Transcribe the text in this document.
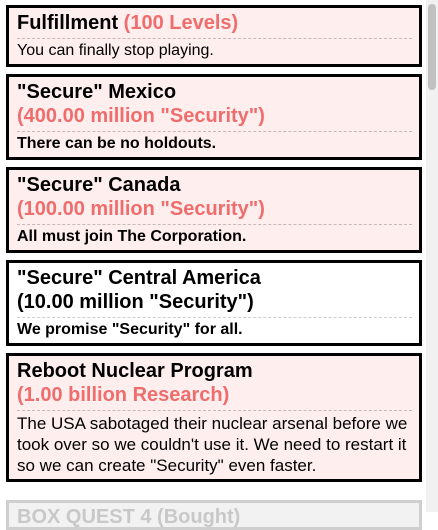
Fulfillment (100 Levels)
You can finally stop playing.
"Secure" Mexico
(400.00 million "Security")
There can be no holdouts.
"Secure" Canada
(100.00 million "Security")
All must join The Corporation.
"Secure" Central America
(10.00 million "Security")
We promise "Security" for all.
Reboot Nuclear Program
(1.00 billion Research)
The USA sabotaged their nuclear arsenal before we took over so we couldn't use it. We need to restart it so we can create "Security" even faster.
BOX QUEST 4 (Bought)
